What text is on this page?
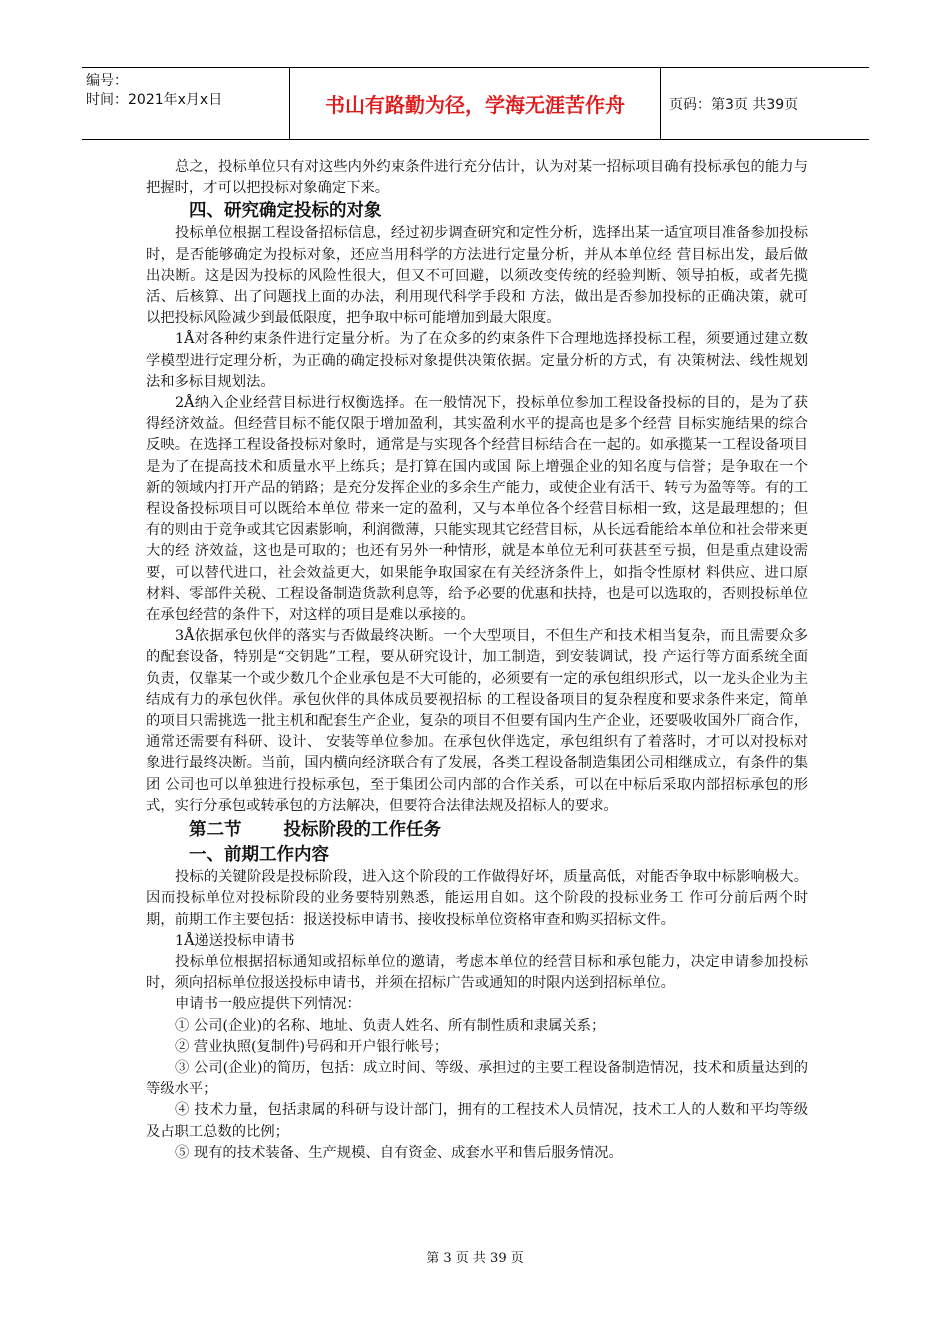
编号：
时间：2021年x月x日	书山有路勤为径，学海无涯苦作舟	页码：第3页 共39页

总之，投标单位只有对这些内外约束条件进行充分估计，认为对某一招标项目确有投标承包的能力与把握时，才可以把投标对象确定下来。

四、研究确定投标的对象

投标单位根据工程设备招标信息，经过初步调查研究和定性分析，选择出某一适宜项目准备参加投标时，是否能够确定为投标对象，还应当用科学的方法进行定量分析，并从本单位经 营目标出发，最后做出决断。这是因为投标的风险性很大，但又不可回避，以须改变传统的经验判断、领导拍板，或者先揽活、后核算、出了问题找上面的办法，利用现代科学手段和 方法，做出是否参加投标的正确决策，就可以把投标风险减少到最低限度，把争取中标可能增加到最大限度。

1Å对各种约束条件进行定量分析。为了在众多的约束条件下合理地选择投标工程，须要通过建立数学模型进行定理分析，为正确的确定投标对象提供决策依据。定量分析的方式，有 决策树法、线性规划法和多标目规划法。

2Å纳入企业经营目标进行权衡选择。在一般情况下，投标单位参加工程设备投标的目的，是为了获得经济效益。但经营目标不能仅限于增加盈利，其实盈利水平的提高也是多个经营 目标实施结果的综合反映。在选择工程设备投标对象时，通常是与实现各个经营目标结合在一起的。如承揽某一工程设备项目是为了在提高技术和质量水平上练兵；是打算在国内或国 际上增强企业的知名度与信誉；是争取在一个新的领域内打开产品的销路；是充分发挥企业的多余生产能力，或使企业有活干、转亏为盈等等。有的工程设备投标项目可以既给本单位 带来一定的盈利，又与本单位各个经营目标相一致，这是最理想的；但有的则由于竞争或其它因素影响，利润微薄，只能实现其它经营目标，从长远看能给本单位和社会带来更大的经 济效益，这也是可取的；也还有另外一种情形，就是本单位无利可获甚至亏损，但是重点建设需要，可以替代进口，社会效益更大，如果能争取国家在有关经济条件上，如指令性原材 料供应、进口原材料、零部件关税、工程设备制造货款利息等，给予必要的优惠和扶持，也是可以选取的，否则投标单位在承包经营的条件下，对这样的项目是难以承接的。

3Å依据承包伙伴的落实与否做最终决断。一个大型项目，不但生产和技术相当复杂，而且需要众多的配套设备，特别是“交钥匙”工程，要从研究设计，加工制造，到安装调试，投 产运行等方面系统全面负责，仅靠某一个或少数几个企业承包是不大可能的，必须要有一定的承包组织形式，以一龙头企业为主结成有力的承包伙伴。承包伙伴的具体成员要视招标 的工程设备项目的复杂程度和要求条件来定，简单的项目只需挑选一批主机和配套生产企业，复杂的项目不但要有国内生产企业，还要吸收国外厂商合作，通常还需要有科研、设计、 安装等单位参加。在承包伙伴选定，承包组织有了着落时，才可以对投标对象进行最终决断。当前，国内横向经济联合有了发展，各类工程设备制造集团公司相继成立，有条件的集团 公司也可以单独进行投标承包，至于集团公司内部的合作关系，可以在中标后采取内部招标承包的形式，实行分承包或转承包的方法解决，但要符合法律法规及招标人的要求。

第二节 投标阶段的工作任务
一、前期工作内容

投标的关键阶段是投标阶段，进入这个阶段的工作做得好坏，质量高低，对能否争取中标影响极大。因而投标单位对投标阶段的业务要特别熟悉，能运用自如。这个阶段的投标业务工 作可分前后两个时期，前期工作主要包括：报送投标申请书、接收投标单位资格审查和购买招标文件。

1Å递送投标申请书

投标单位根据招标通知或招标单位的邀请，考虑本单位的经营目标和承包能力，决定申请参加投标时，须向招标单位报送投标申请书，并须在招标广告或通知的时限内送到招标单位。

申请书一般应提供下列情况：

① 公司(企业)的名称、地址、负责人姓名、所有制性质和隶属关系；

② 营业执照(复制件)号码和开户银行帐号；

③ 公司(企业)的简历，包括：成立时间、等级、承担过的主要工程设备制造情况，技术和质量达到的等级水平；

④ 技术力量，包括隶属的科研与设计部门，拥有的工程技术人员情况，技术工人的人数和平均等级及占职工总数的比例；

⑤ 现有的技术装备、生产规模、自有资金、成套水平和售后服务情况。

第 3 页 共 39 页
